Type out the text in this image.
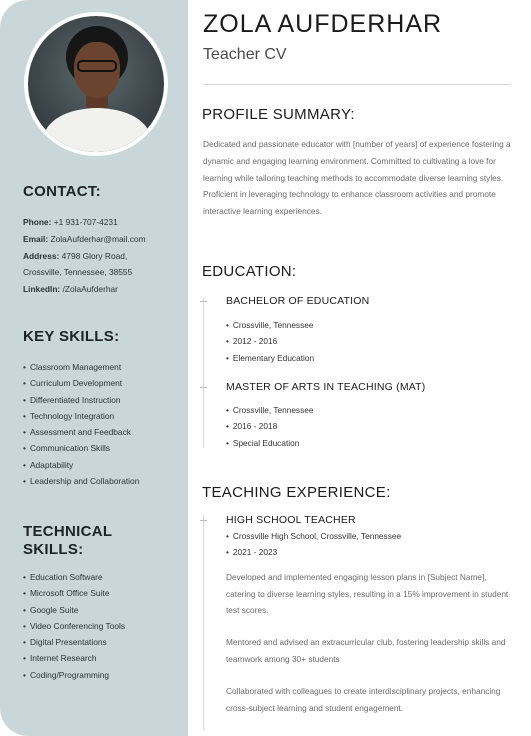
CONTACT:
Phone: +1 931-707-4231
Email: ZolaAufderhar@mail.com
Address: 4798 Glory Road,
Crossville, Tennessee, 38555
LinkedIn: /ZolaAufderhar
KEY SKILLS:
• Classroom Management
• Curriculum Development
• Differentiated Instruction
• Technology Integration
• Assessment and Feedback
• Communication Skills
• Adaptability
• Leadership and Collaboration
TECHNICAL
SKILLS:
• Education Software
• Microsoft Office Suite
• Google Suite
• Video Conferencing Tools
• Digital Presentations
• Internet Research
• Coding/Programming
ZOLA AUFDERHAR
Teacher CV
PROFILE SUMMARY:
Dedicated and passionate educator with [number of years] of experience fostering a dynamic and engaging learning environment. Committed to cultivating a love for learning while tailoring teaching methods to accommodate diverse learning styles. Proficient in leveraging technology to enhance classroom activities and promote interactive learning experiences.
EDUCATION:
BACHELOR OF EDUCATION
• Crossville, Tennessee
• 2012 - 2016
• Elementary Education
MASTER OF ARTS IN TEACHING (MAT)
• Crossville, Tennessee
• 2016 - 2018
• Special Education
TEACHING EXPERIENCE:
HIGH SCHOOL TEACHER
• Crossville High School, Crossville, Tennessee
• 2021 - 2023
Developed and implemented engaging lesson plans in [Subject Name], catering to diverse learning styles, resulting in a 15% improvement in student test scores.
Mentored and advised an extracurricular club, fostering leadership skills and teamwork among 30+ students
Collaborated with colleagues to create interdisciplinary projects, enhancing cross-subject learning and student engagement.
